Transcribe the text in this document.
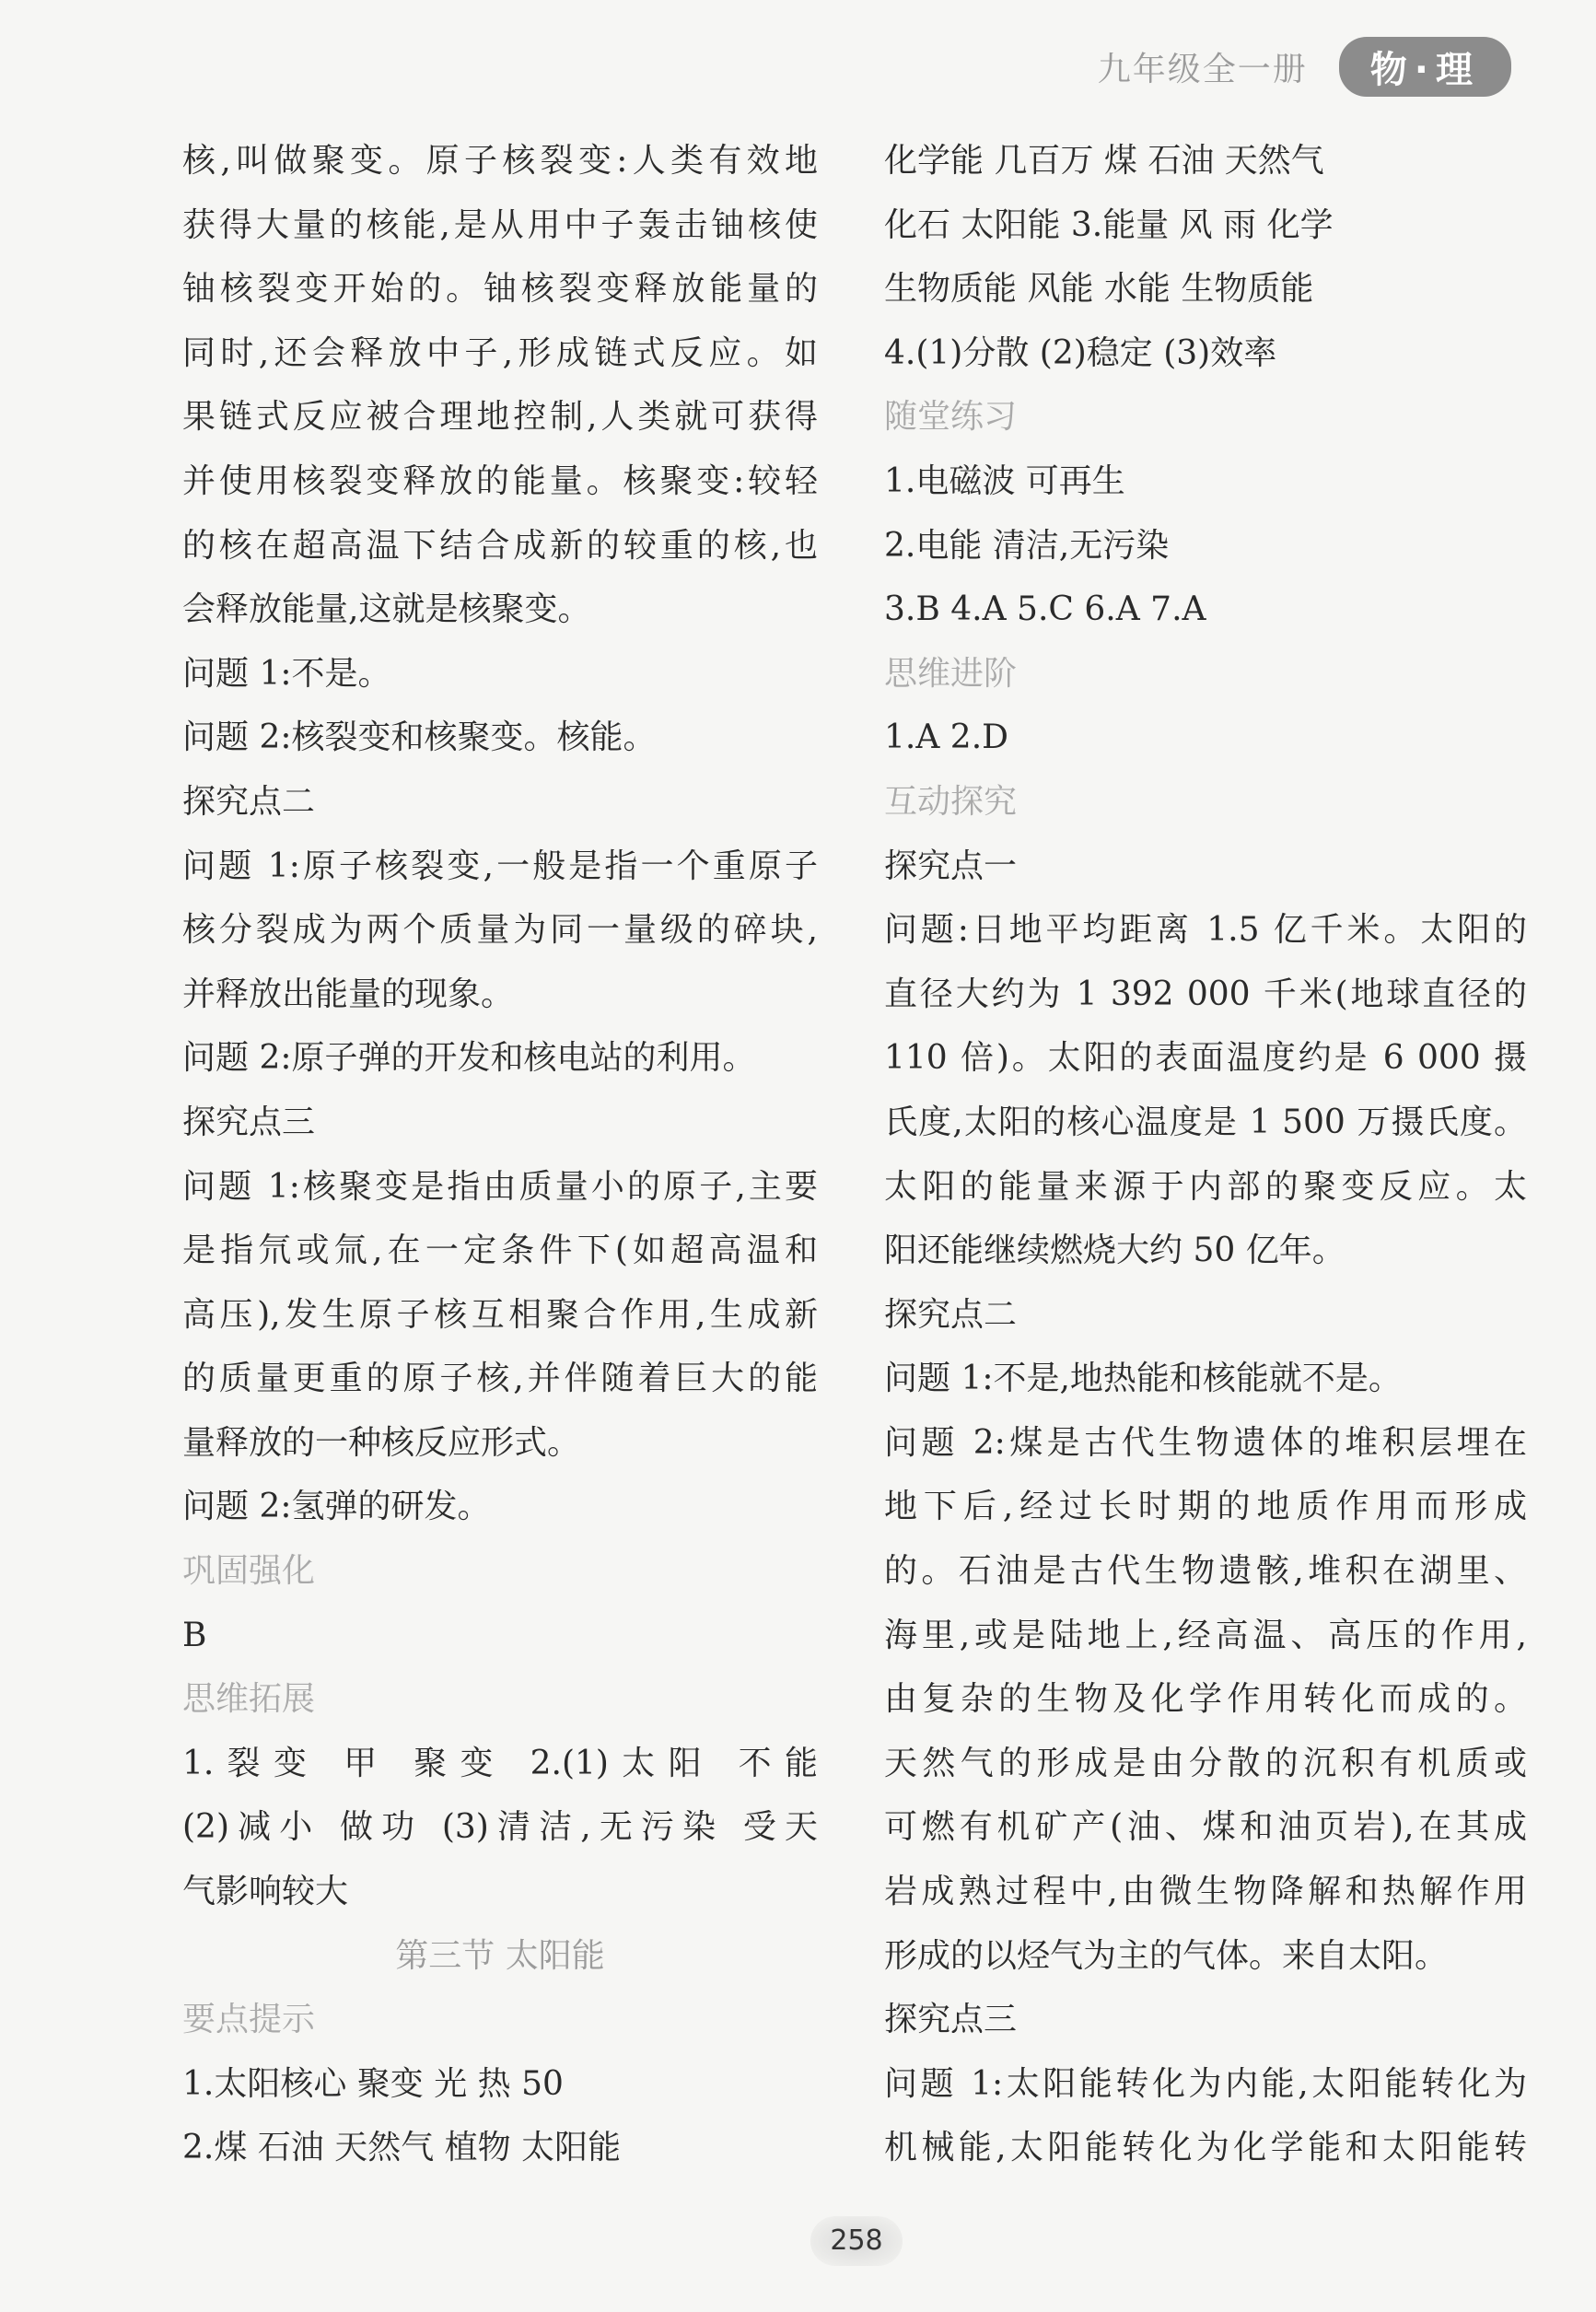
九年级全一册	物·理
核,叫做聚变。原子核裂变:人类有效地
获得大量的核能,是从用中子轰击铀核使
铀核裂变开始的。铀核裂变释放能量的
同时,还会释放中子,形成链式反应。如
果链式反应被合理地控制,人类就可获得
并使用核裂变释放的能量。核聚变:较轻
的核在超高温下结合成新的较重的核,也
会释放能量,这就是核聚变。
问题 1:不是。
问题 2:核裂变和核聚变。核能。
探究点二
问题 1:原子核裂变,一般是指一个重原子
核分裂成为两个质量为同一量级的碎块,
并释放出能量的现象。
问题 2:原子弹的开发和核电站的利用。
探究点三
问题 1:核聚变是指由质量小的原子,主要
是指氘或氚,在一定条件下(如超高温和
高压),发生原子核互相聚合作用,生成新
的质量更重的原子核,并伴随着巨大的能
量释放的一种核反应形式。
问题 2:氢弹的研发。
巩固强化
B
思维拓展
1.裂变 甲 聚变 2.(1)太阳 不能
(2)减小 做功 (3)清洁,无污染 受天
气影响较大
第三节 太阳能
要点提示
1.太阳核心 聚变 光 热 50
2.煤 石油 天然气 植物 太阳能
化学能 几百万 煤 石油 天然气
化石 太阳能 3.能量 风 雨 化学
生物质能 风能 水能 生物质能
4.(1)分散 (2)稳定 (3)效率
随堂练习
1.电磁波 可再生
2.电能 清洁,无污染
3.B 4.A 5.C 6.A 7.A
思维进阶
1.A 2.D
互动探究
探究点一
问题:日地平均距离 1.5 亿千米。太阳的
直径大约为 1 392 000 千米(地球直径的
110 倍)。太阳的表面温度约是 6 000 摄
氏度,太阳的核心温度是 1 500 万摄氏度。
太阳的能量来源于内部的聚变反应。太
阳还能继续燃烧大约 50 亿年。
探究点二
问题 1:不是,地热能和核能就不是。
问题 2:煤是古代生物遗体的堆积层埋在
地下后,经过长时期的地质作用而形成
的。石油是古代生物遗骸,堆积在湖里、
海里,或是陆地上,经高温、高压的作用,
由复杂的生物及化学作用转化而成的。
天然气的形成是由分散的沉积有机质或
可燃有机矿产(油、煤和油页岩),在其成
岩成熟过程中,由微生物降解和热解作用
形成的以烃气为主的气体。来自太阳。
探究点三
问题 1:太阳能转化为内能,太阳能转化为
机械能,太阳能转化为化学能和太阳能转
258
